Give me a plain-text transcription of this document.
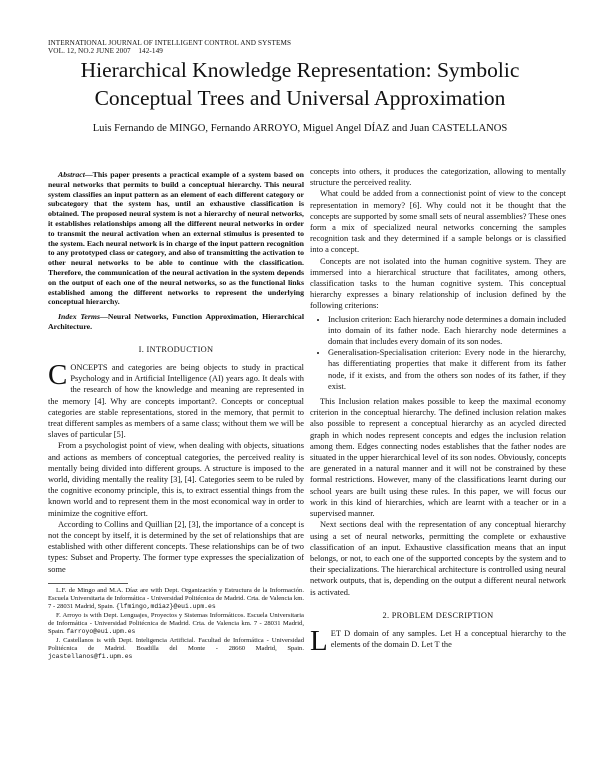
INTERNATIONAL JOURNAL OF INTELLIGENT CONTROL AND SYSTEMS
VOL. 12, NO.2 JUNE 2007    142-149
Hierarchical Knowledge Representation: Symbolic
Conceptual Trees and Universal Approximation
Luis Fernando de MINGO, Fernando ARROYO, Miguel Angel DÍAZ and Juan CASTELLANOS

Abstract—This paper presents a practical example of a system based on neural networks that permits to build a conceptual hierarchy. This neural system classifies an input pattern as an element of each different category or subcategory that the system has, until an exhaustive classification is obtained. The proposed neural system is not a hierarchy of neural networks, it establishes relationships among all the different neural networks in order to transmit the neural activation when an external stimulus is presented to the system. Each neural network is in charge of the input pattern recognition to any prototyped class or category, and also of transmitting the activation to other neural networks to be able to continue with the classification. Therefore, the communication of the neural activation in the system depends on the output of each one of the neural networks, so as the functional links established among the different networks to represent the underlying conceptual hierarchy.

Index Terms—Neural Networks, Function Approximation, Hierarchical Architecture.

I. INTRODUCTION

CONCEPTS and categories are being objects to study in practical Psychology and in Artificial Intelligence (AI) years ago. It deals with the research of how the knowledge and meaning are represented in the memory [4]. Why are concepts important?. Concepts or conceptual categories are stable representations, stored in the memory, that permit to treat different samples as members of a same class; without them we will be slaves of particular [5].

From a psychologist point of view, when dealing with objects, situations and actions as members of conceptual categories, the perceived reality is mentally being divided into different groups. A structure is imposed to the world, dividing mentally the reality [3], [4]. Categories seem to be ruled by the cognitive economy principle, this is, to extract essential things from the known world and to represent them in the most economical way in order to minimize the cognitive effort.

According to Collins and Quillian [2], [3], the importance of a concept is not the concept by itself, it is determined by the set of relationships that are established with other different concepts. These relationships can be of two types: Subset and Property. The former type expresses the specialization of some

L.F. de Mingo and M.A. Díaz are with Dept. Organización y Estructura de la Información. Escuela Universitaria de Informática - Universidad Politécnica de Madrid. Crta. de Valencia km. 7 - 28031 Madrid, Spain. {lfmingo,mdiaz}@eui.upm.es

F. Arroyo is with Dept. Lenguajes, Proyectos y Sistemas Informáticos. Escuela Universitaria de Informática - Universidad Politécnica de Madrid. Crta. de Valencia km. 7 - 28031 Madrid, Spain. farroyo@eui.upm.es

J. Castellanos is with Dept. Inteligencia Artificial. Facultad de Informática - Universidad Politécnica de Madrid. Boadilla del Monte - 28660 Madrid, Spain. jcastellanos@fi.upm.es

concepts into others, it produces the categorization, allowing to mentally structure the perceived reality.

What could be added from a connectionist point of view to the concept representation in memory? [6]. Why could not it be thought that the concepts are supported by some small sets of neural assemblies? These ones form a mix of specialized neural networks concerning the samples recognition task and they determined if a sample belongs or is classified into a concept.

Concepts are not isolated into the human cognitive system. They are immersed into a hierarchical structure that facilitates, among others, classification tasks to the human cognitive system. This conceptual hierarchy expresses a binary relationship of inclusion defined by the following criterions:

• Inclusion criterion: Each hierarchy node determines a domain included into domain of its father node. Each hierarchy node determines a domain that includes every domain of its son nodes.
• Generalisation-Specialisation criterion: Every node in the hierarchy, has differentiating properties that make it different from its father node, if it exists, and from the others son nodes of its father, if they exist.

This Inclusion relation makes possible to keep the maximal economy criterion in the conceptual hierarchy. The defined inclusion relation makes also possible to represent a conceptual hierarchy as an acycled directed graph in which nodes represent concepts and edges the inclusion relation among them. Edges connecting nodes establishes that the father nodes are situated in the upper hierarchical level of its son nodes. Obviously, concepts are generated in a natural manner and it will not be constrained by these formal restrictions. However, many of the classifications learnt during our school years are built using these rules. In this paper, we will focus our work in this kind of hierarchies, which are learnt with a teacher or in a supervised manner.

Next sections deal with the representation of any conceptual hierarchy using a set of neural networks, permitting the complete or exhaustive classification of an input. Exhaustive classification means that an input belongs, or not, to each one of the supported concepts by the system and to their specializations. The hierarchical architecture is controlled using neural network outputs, that is, depending on the output a different neural network is activated.

2. PROBLEM DESCRIPTION

LET D domain of any samples. Let H a conceptual hierarchy to the elements of the domain D. Let T the
